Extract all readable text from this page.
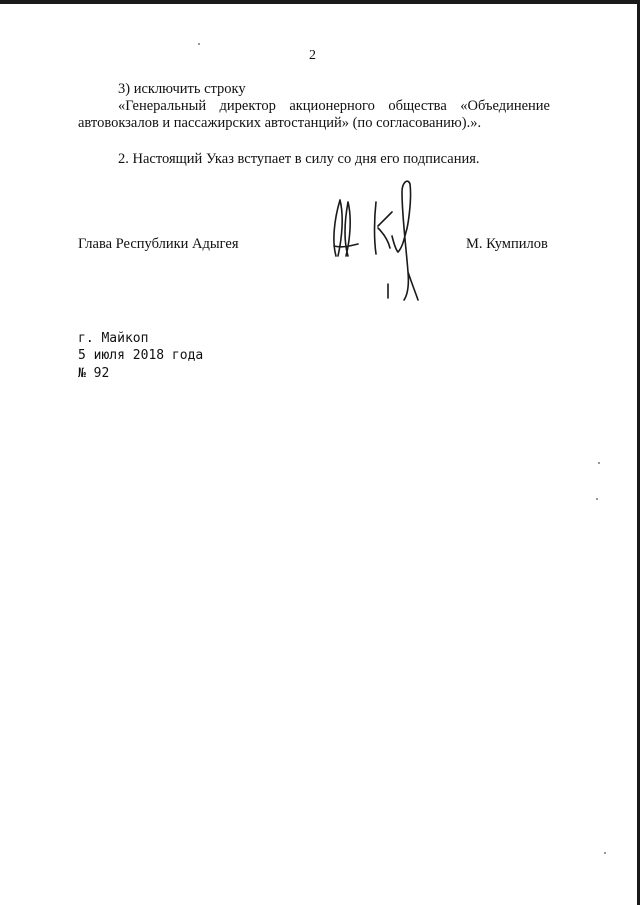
2
3) исключить строку
«Генеральный директор акционерного общества «Объединение
автовокзалов и пассажирских автостанций» (по согласованию).».
2. Настоящий Указ вступает в силу со дня его подписания.
Глава Республики Адыгея	М. Кумпилов
г. Майкоп
5 июля 2018 года
№ 92
